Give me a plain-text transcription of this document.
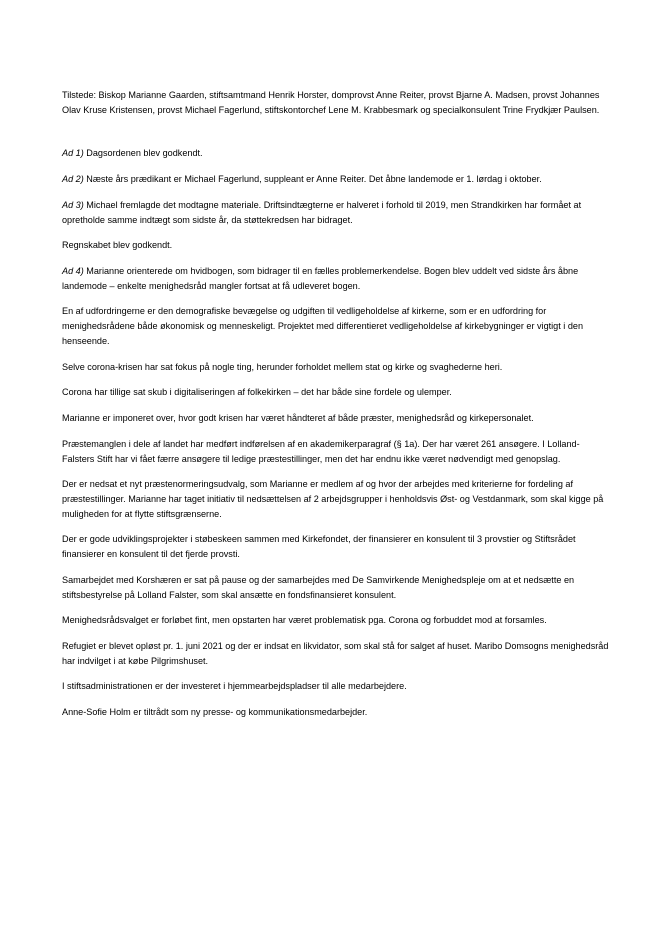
Tilstede: Biskop Marianne Gaarden, stiftsamtmand Henrik Horster, domprovst Anne Reiter, provst Bjarne A. Madsen, provst Johannes Olav Kruse Kristensen, provst Michael Fagerlund, stiftskontorchef Lene M. Krabbesmark og specialkonsulent Trine Frydkjær Paulsen.

Ad 1) Dagsordenen blev godkendt.

Ad 2) Næste års prædikant er Michael Fagerlund, suppleant er Anne Reiter. Det åbne landemode er 1. lørdag i oktober.

Ad 3) Michael fremlagde det modtagne materiale. Driftsindtægterne er halveret i forhold til 2019, men Strandkirken har formået at opretholde samme indtægt som sidste år, da støttekredsen har bidraget.

Regnskabet blev godkendt.

Ad 4) Marianne orienterede om hvidbogen, som bidrager til en fælles problemerkendelse. Bogen blev uddelt ved sidste års åbne landemode – enkelte menighedsråd mangler fortsat at få udleveret bogen.

En af udfordringerne er den demografiske bevægelse og udgiften til vedligeholdelse af kirkerne, som er en udfordring for menighedsrådene både økonomisk og menneskeligt. Projektet med differentieret vedligeholdelse af kirkebygninger er vigtigt i den henseende.

Selve corona-krisen har sat fokus på nogle ting, herunder forholdet mellem stat og kirke og svaghederne heri.

Corona har tillige sat skub i digitaliseringen af folkekirken – det har både sine fordele og ulemper.

Marianne er imponeret over, hvor godt krisen har været håndteret af både præster, menighedsråd og kirkepersonalet.

Præstemanglen i dele af landet har medført indførelsen af en akademikerparagraf (§ 1a). Der har været 261 ansøgere. I Lolland-Falsters Stift har vi fået færre ansøgere til ledige præstestillinger, men det har endnu ikke været nødvendigt med genopslag.

Der er nedsat et nyt præstenormeringsudvalg, som Marianne er medlem af og hvor der arbejdes med kriterierne for fordeling af præstestillinger. Marianne har taget initiativ til nedsættelsen af 2 arbejdsgrupper i henholdsvis Øst- og Vestdanmark, som skal kigge på muligheden for at flytte stiftsgrænserne.

Der er gode udviklingsprojekter i støbeskeen sammen med Kirkefondet, der finansierer en konsulent til 3 provstier og Stiftsrådet finansierer en konsulent til det fjerde provsti.

Samarbejdet med Korshæren er sat på pause og der samarbejdes med De Samvirkende Menighedspleje om at et nedsætte en stiftsbestyrelse på Lolland Falster, som skal ansætte en fondsfinansieret konsulent.

Menighedsrådsvalget er forløbet fint, men opstarten har været problematisk pga. Corona og forbuddet mod at forsamles.

Refugiet er blevet opløst pr. 1. juni 2021 og der er indsat en likvidator, som skal stå for salget af huset. Maribo Domsogns menighedsråd har indvilget i at købe Pilgrimshuset.

I stiftsadministrationen er der investeret i hjemmearbejdspladser til alle medarbejdere.

Anne-Sofie Holm er tiltrådt som ny presse- og kommunikationsmedarbejder.
